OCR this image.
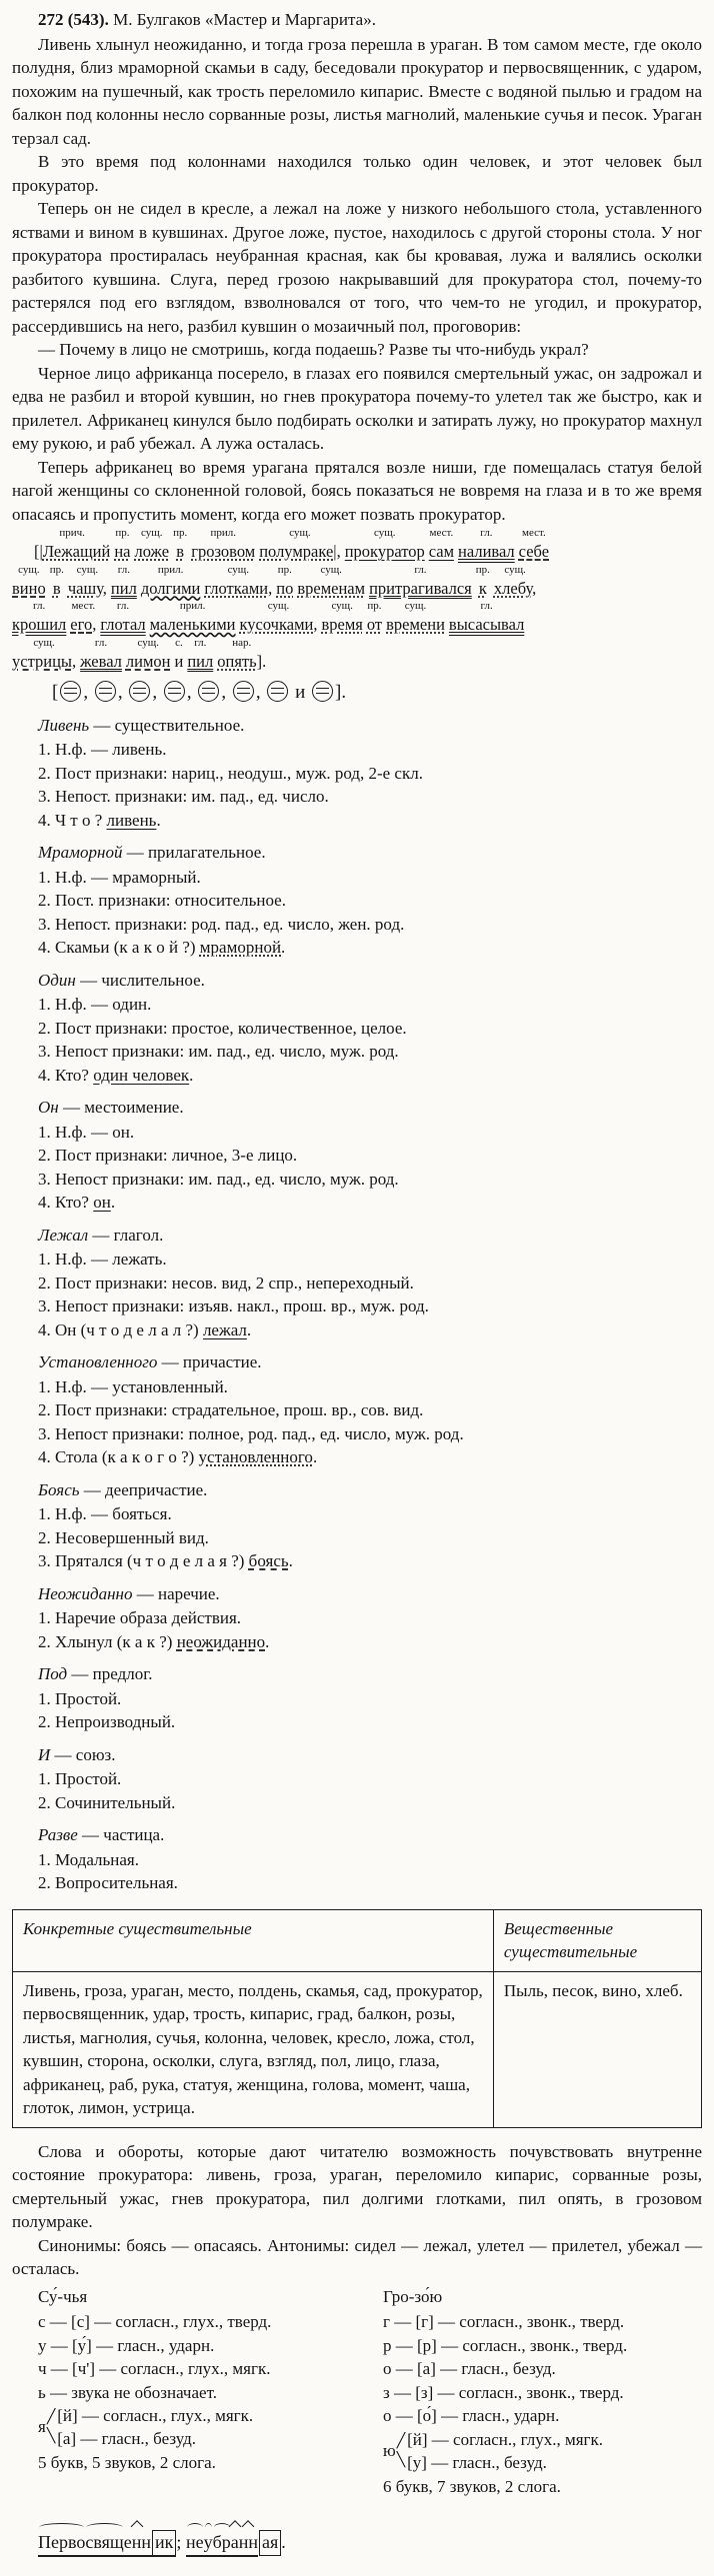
272 (543). М. Булгаков «Мастер и Маргарита».

Ливень хлынул неожиданно, и тогда гроза перешла в ураган. В том самом месте, где около полудня, близ мраморной скамьи в саду, беседовали прокуратор и первосвященник, с ударом, похожим на пушечный, как трость переломило кипарис. Вместе с водяной пылью и градом на балкон под колонны несло сорванные розы, листья магнолий, маленькие сучья и песок. Ураган терзал сад.

В это время под колоннами находился только один человек, и этот человек был прокуратор.

Теперь он не сидел в кресле, а лежал на ложе у низкого небольшого стола, уставленного яствами и вином в кувшинах. Другое ложе, пустое, находилось с другой стороны стола. У ног прокуратора простиралась неубранная красная, как бы кровавая, лужа и валялись осколки разбитого кувшина. Слуга, перед грозою накрывавший для прокуратора стол, почему-то растерялся под его взглядом, взволновался от того, что чем-то не угодил, и прокуратор, рассердившись на него, разбил кувшин о мозаичный пол, проговорив:

— Почему в лицо не смотришь, когда подаешь? Разве ты что-нибудь украл?

Черное лицо африканца посерело, в глазах его появился смертельный ужас, он задрожал и едва не разбил и второй кувшин, но гнев прокуратора почему-то улетел так же быстро, как и прилетел. Африканец кинулся было подбирать осколки и затирать лужу, но прокуратор махнул ему рукою, и раб убежал. А лужа осталась.

Теперь африканец во время урагана прятался возле ниши, где помещалась статуя белой нагой женщины со склоненной головой, боясь показаться не вовремя на глаза и в то же время опасаясь и пропустить момент, когда его может позвать прокуратор.

прич.
[|Лежащий
пр.
на
сущ.
ложе
пр.
в
прил.
грозовом
сущ.
полумраке|,
сущ.
прокуратор
мест.
сам
гл.
наливал
мест.
себе
сущ.
вино
пр.
в
сущ.
чашу,
гл.
пил
прил.
долгими
сущ.
глотками,
пр.
по
сущ.
временам
гл.
притрагивался
пр.
к
сущ.
хлебу,
гл.
крошил
мест.
его,
гл.
глотал
прил.
маленькими
сущ.
кусочками,
сущ.
время
пр.
от
сущ.
времени
гл.
высасывал
сущ.
устрицы,
гл.
жевал
сущ.
лимон
с.
и
гл.
пил
нар.
опять].
[ , , , , , ,  и ].
Ливень — существительное.
1. Н.ф. — ливень.
2. Пост признаки: нариц., неодуш., муж. род, 2-е скл.
3. Непост. признаки: им. пад., ед. число.
4. Ч т о ? ливень.
Мраморной — прилагательное.
1. Н.ф. — мраморный.
2. Пост. признаки: относительное.
3. Непост. признаки: род. пад., ед. число, жен. род.
4. Скамьи (к а к о й ?) мраморной.
Один — числительное.
1. Н.ф. — один.
2. Пост признаки: простое, количественное, целое.
3. Непост признаки: им. пад., ед. число, муж. род.
4. Кто? один человек.
Он — местоимение.
1. Н.ф. — он.
2. Пост признаки: личное, 3-е лицо.
3. Непост признаки: им. пад., ед. число, муж. род.
4. Кто? он.
Лежал — глагол.
1. Н.ф. — лежать.
2. Пост признаки: несов. вид, 2 спр., непереходный.
3. Непост признаки: изъяв. накл., прош. вр., муж. род.
4. Он (ч т о д е л а л ?) лежал.
Установленного — причастие.
1. Н.ф. — установленный.
2. Пост признаки: страдательное, прош. вр., сов. вид.
3. Непост признаки: полное, род. пад., ед. число, муж. род.
4. Стола (к а к о г о ?) установленного.
Боясь — деепричастие.
1. Н.ф. — бояться.
2. Несовершенный вид.
3. Прятался (ч т о д е л а я ?) боясь.
Неожиданно — наречие.
1. Наречие образа действия.
2. Хлынул (к а к ?) неожиданно.
Под — предлог.
1. Простой.
2. Непроизводный.
И — союз.
1. Простой.
2. Сочинительный.
Разве — частица.
1. Модальная.
2. Вопросительная.
Конкретные существительные	Вещественные существительные
Ливень, гроза, ураган, место, полдень, скамья, сад, прокуратор, первосвященник, удар, трость, кипарис, град, балкон, розы, листья, магнолия, сучья, колонна, человек, кресло, ложа, стол, кувшин, сторона, осколки, слуга, взгляд, пол, лицо, глаза, африканец, раб, рука, статуя, женщина, голова, момент, чаша, глоток, лимон, устрица.	Пыль, песок, вино, хлеб.

Слова и обороты, которые дают читателю возможность почувствовать внутренне состояние прокуратора: ливень, гроза, ураган, переломило кипарис, сорванные розы, смертельный ужас, гнев прокуратора, пил долгими глотками, пил опять, в грозовом полумраке.

Синонимы: боясь — опасаясь. Антонимы: сидел — лежал, улетел — прилетел, убежал — осталась.

Су́-чья
с — [с] — согласн., глух., тверд.
у — [у́] — гласн., ударн.
ч — [ч'] — согласн., глух., мягк.
ь — звука не обозначает.
я ╱
╲
[й] — согласн., глух., мягк.
[а] — гласн., безуд.
5 букв, 5 звуков, 2 слога.
Гро-зо́ю
г — [г] — согласн., звонк., тверд.
р — [р] — согласн., звонк., тверд.
о — [а] — гласн., безуд.
з — [з] — согласн., звонк., тверд.
о — [о́] — гласн., ударн.
ю ╱
╲
[й] — согласн., глух., мягк.
[у] — гласн., безуд.
6 букв, 7 звуков, 2 слога.
Первосвященн ик ; неубранн ая .
